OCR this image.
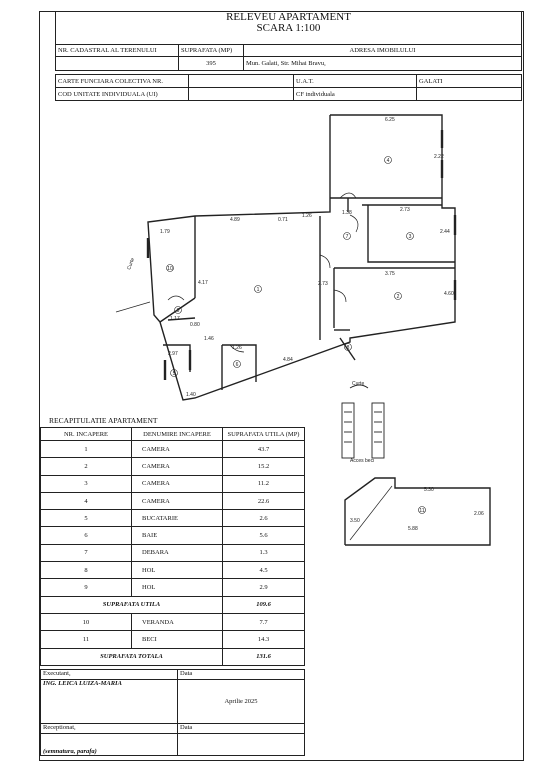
RELEVEU APARTAMENT
SCARA 1:100

NR. CADASTRAL AL TERENULUI	SUPRAFATA (MP)	ADRESA IMOBILULUI
	395	Mun. Galati, Str. Mihai Bravu,
CARTE FUNCIARA COLECTIVA NR.		U.A.T.	GALATI
COD UNITATE INDIVIDUALA (UI)		CF individuala	
1
2
3
4
5
6
7
8
9
10
11
6.25
4.89	0.71
1.26	1.38	2.73
1.79
3.75
4.17
1.17
0.80
1.46
2.97
1.26
4.84
1.40
2.22
4.60
2.44
2.73
5.30
5.88
2.06
3.50
Curte
Curte
Acces beci
RECAPITULATIE APARTAMENT
NR. INCAPERE	DENUMIRE INCAPERE	SUPRAFATA UTILA (MP)
1	CAMERA	43.7
2	CAMERA	15.2
3	CAMERA	11.2
4	CAMERA	22.6
5	BUCATARIE	2.6
6	BAIE	5.6
7	DEBARA	1.3
8	HOL	4.5
9	HOL	2.9
SUPRAFATA UTILA		109.6
10	VERANDA	7.7
11	BECI	14.3
SUPRAFATA TOTALA		131.6
Executant,	Data
ING. LEICA LUIZA-MARIA	Aprilie 2025
Receptionat,	Data
(semnatura, parafa)	
